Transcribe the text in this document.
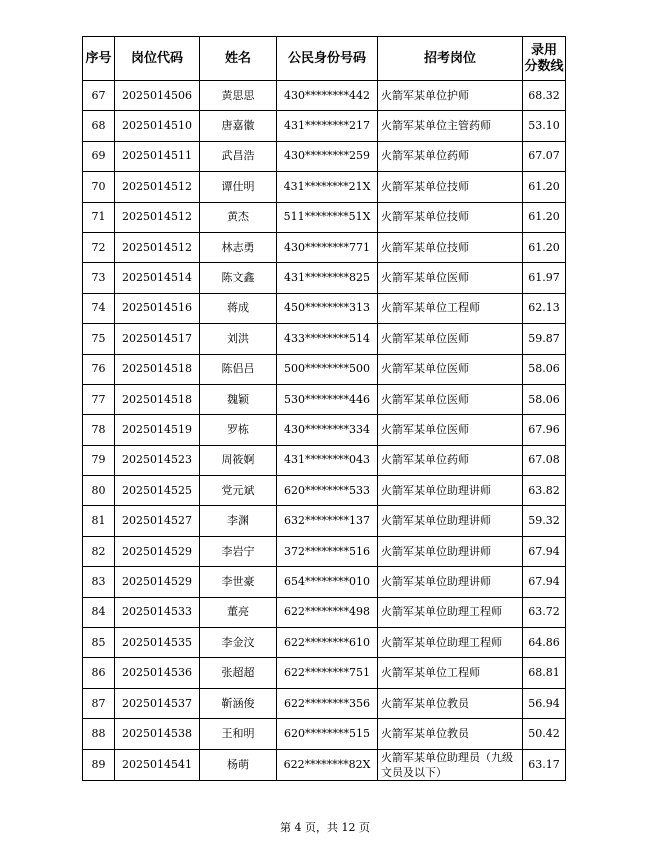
序号	岗位代码	姓名	公民身份号码	招考岗位	录用
分数线

67	2025014506	黄思思	430********442	火箭军某单位护师	68.32
68	2025014510	唐嘉徽	431********217	火箭军某单位主管药师	53.10
69	2025014511	武昌浩	430********259	火箭军某单位药师	67.07
70	2025014512	谭仕明	431********21X	火箭军某单位技师	61.20
71	2025014512	黄杰	511********51X	火箭军某单位技师	61.20
72	2025014512	林志勇	430********771	火箭军某单位技师	61.20
73	2025014514	陈文鑫	431********825	火箭军某单位医师	61.97
74	2025014516	蒋成	450********313	火箭军某单位工程师	62.13
75	2025014517	刘洪	433********514	火箭军某单位医师	59.87
76	2025014518	陈侣吕	500********500	火箭军某单位医师	58.06
77	2025014518	魏颖	530********446	火箭军某单位医师	58.06
78	2025014519	罗栋	430********334	火箭军某单位医师	67.96
79	2025014523	周筱婀	431********043	火箭军某单位药师	67.08
80	2025014525	党元斌	620********533	火箭军某单位助理讲师	63.82
81	2025014527	李渊	632********137	火箭军某单位助理讲师	59.32
82	2025014529	李岩宁	372********516	火箭军某单位助理讲师	67.94
83	2025014529	李世豪	654********010	火箭军某单位助理讲师	67.94
84	2025014533	董亮	622********498	火箭军某单位助理工程师	63.72
85	2025014535	李金汶	622********610	火箭军某单位助理工程师	64.86
86	2025014536	张超超	622********751	火箭军某单位工程师	68.81
87	2025014537	靳涵俊	622********356	火箭军某单位教员	56.94
88	2025014538	王和明	620********515	火箭军某单位教员	50.42
89	2025014541	杨萌	622********82X	火箭军某单位助理员（九级文员及以下）	63.17
第 4 页，共 12 页
